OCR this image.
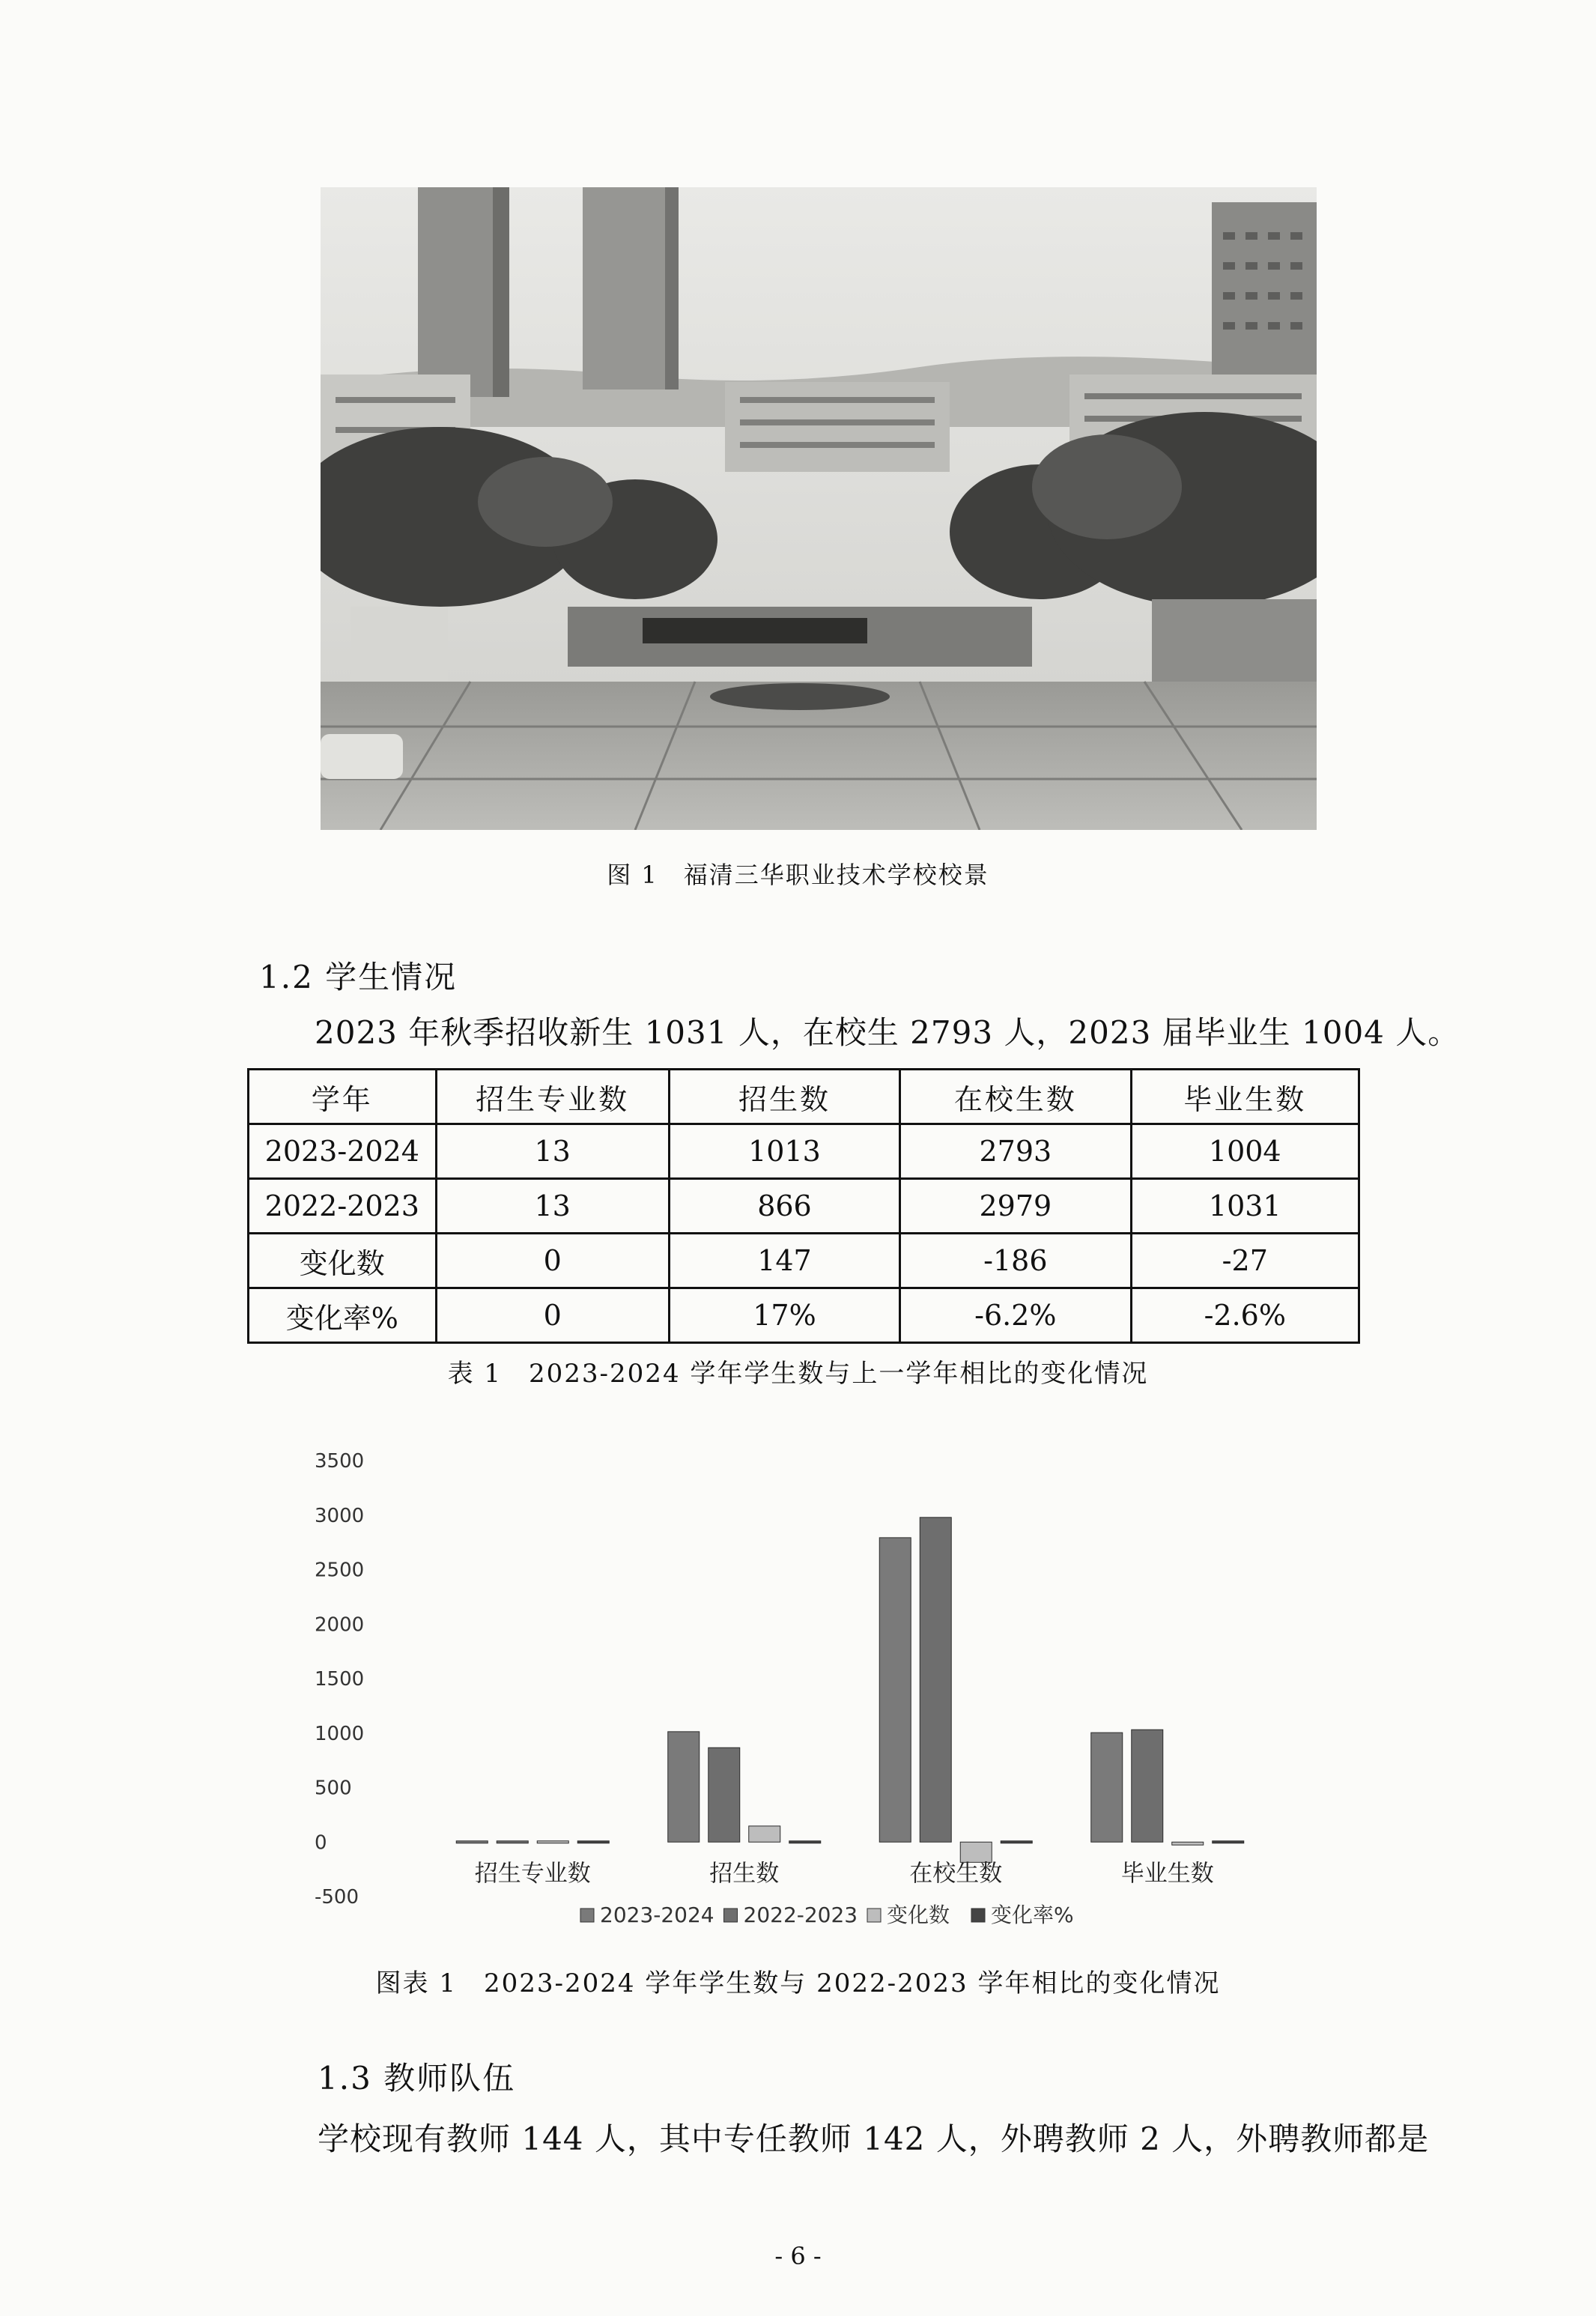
图 1　福清三华职业技术学校校景
1.2 学生情况
2023 年秋季招收新生 1031 人，在校生 2793 人，2023 届毕业生 1004 人。
学年	招生专业数	招生数	在校生数	毕业生数
2023-2024	13	1013	2793	1004
2022-2023	13	866	2979	1031
变化数	0	147	-186	-27
变化率%	0	17%	-6.2%	-2.6%
表 1　2023-2024 学年学生数与上一学年相比的变化情况
3500
3000
2500
2000
1500
1000
500
0
-500
招生专业数	招生数	在校生数	毕业生数
2023-2024 2022-2023 变化数 变化率%
图表 1　2023-2024 学年学生数与 2022-2023 学年相比的变化情况
1.3 教师队伍
学校现有教师 144 人，其中专任教师 142 人，外聘教师 2 人，外聘教师都是
- 6 -
